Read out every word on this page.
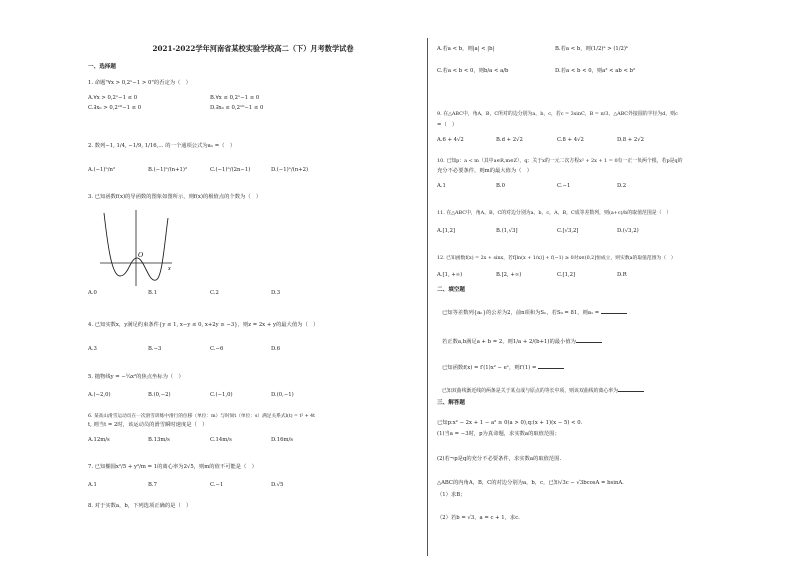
2021-2022学年河南省某校实验学校高二（下）月考数学试卷
一、选择题
1. 命题"∀x > 0,2ˣ−1 > 0"的否定为（　）
A.∀x > 0,2ˣ−1 ≤ 0	B.∀x ≤ 0,2ˣ−1 ≤ 0
C.∃x₀ > 0,2ˣ⁰−1 ≤ 0	D.∃x₀ ≤ 0,2ˣ⁰−1 ≤ 0
2. 数列−1, 1/4, −1/9, 1/16,… 的一个通项公式为aₙ =（　）
A.(−1)ⁿ/n²	B.(−1)ⁿ/(n+1)²	C.(−1)ⁿ/(2n−1)	D.(−1)ⁿ/(n+2)
3. 已知函数f(x)的导函数的图象如图所示，则f(x)的极值点的个数为（　）
O
x
A.0	B.1	C.2	D.3
4. 已知实数x，y满足约束条件{y ≤ 1, x−y ≤ 0, x+2y ≥ −3}，则z = 2x + y的最大值为（　）
A.3	B.−3	C.−6	D.6
5. 抛物线y = −¼x²的焦点坐标为（　）
A.(−2,0)	B.(0,−2)	C.(−1,0)	D.(0,−1)
6. 某高山滑雪运动员在一次滑雪训练中滑行的位移（单位：m）与时间t（单位：s）满足关系式l(t) = t² + 4t
t, 则当t = 2时，该运动员的滑雪瞬时速度是（　）
A.12m/s	B.13m/s	C.14m/s	D.16m/s
7. 已知椭圆x²/5 + y²/m = 1的离心率为2√5，则m的值不可能是（　）
A.1	B.7	C.−1	D.√5
8. 对于实数a，b，下列选项正确的是（　）
A.若a < b，则|a| < |b|	B.若a < b，则(1/2)ᵃ > (1/2)ᵇ
C.若a < b < 0，则b/a < a/b	D.若a < b < 0，则a² < ab < b²
9. 在△ABC中，角A，B，C所对的边分别为a，b，c，若c = 3sinC，B = π/3，△ABC外接圆的半径为d，则c
=（　）
A.6 + 4√2	B.d + 2√2	C.8 + 4√2	D.8 + 2√2
10. 已知p：a < m（其中a∈R,m∈Z），q：关于x的一元二次方程x² + 2x + 1 = 0有一正一负两个根，若p是q的
充分不必要条件，则m的最大值为（　）
A.1	B.0	C.−1	D.2
11. 在△ABC中，角A，B，C的对边分别为a，b，c，A，B，C成等差数列，则(a+c)/b的取值范围是（　）
A.[1,2]	B.(1,√3]	C.[√3,2]	D.(√3,2)
12. 已知函数f(x) = 2x + sinx，若f[ln(x + 1/x)] + f(−1) ≥ 0对x∈(0,2]恒成立，则实数a的取值范围为（　）
A.[1, +∞)	B.[2, +∞)	C.[1,2]	D.R
二、填空题
已知等差数列{aₙ}的公差为2，前n项和为Sₙ，若S₉ = 81，则a₁ =
若正数a,b满足a + b = 2，则1/a + 2/(b+1)的最小值为
已知函数f(x) = f′(1)x² − eˣ，则f′(1) =
已知双曲线渐近线的两条是关于某点成与原点的等长中项，则该双曲线的离心率为
三、解答题
已知p:x² − 2x + 1 − a² ≥ 0(a > 0),q:(x + 1)(x − 5) < 0.
(1)当a = −3时，p为真命题，求实数a的取值范围；
(2)若¬p是q的充分不必要条件，求实数a的取值范围.
△ABC的内角A，B，C的对边分别为a，b，c，已知√3c − √3bcosA = bsinA.
（1）求B；
（2）若b = √3，a = c + 1，求c.
